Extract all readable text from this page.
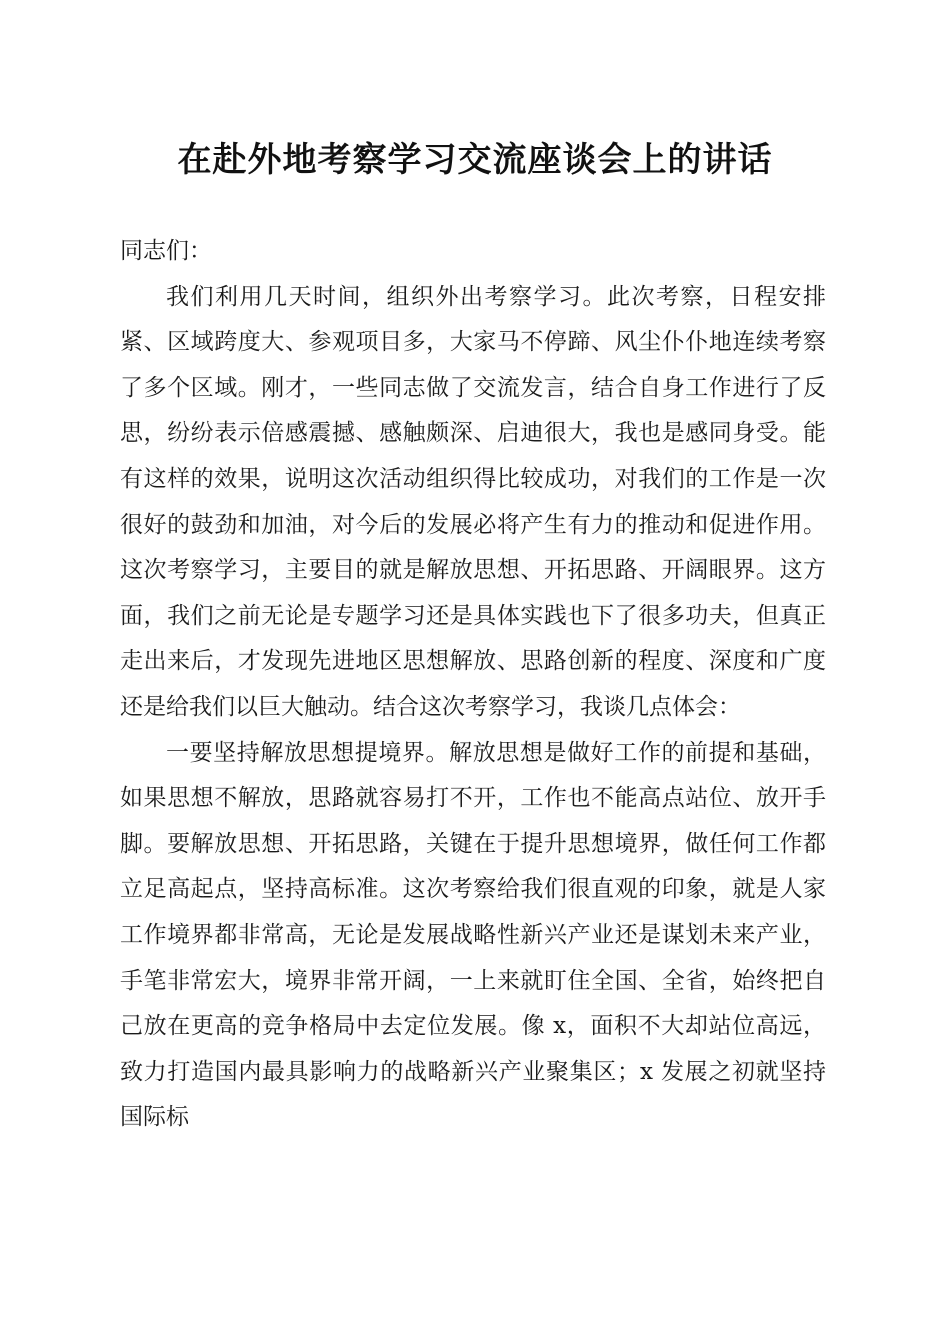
在赴外地考察学习交流座谈会上的讲话

同志们：

我们利用几天时间，组织外出考察学习。此次考察，日程安排紧、区域跨度大、参观项目多，大家马不停蹄、风尘仆仆地连续考察了多个区域。刚才，一些同志做了交流发言，结合自身工作进行了反思，纷纷表示倍感震撼、感触颇深、启迪很大，我也是感同身受。能有这样的效果，说明这次活动组织得比较成功，对我们的工作是一次很好的鼓劲和加油，对今后的发展必将产生有力的推动和促进作用。这次考察学习，主要目的就是解放思想、开拓思路、开阔眼界。这方面，我们之前无论是专题学习还是具体实践也下了很多功夫，但真正走出来后，才发现先进地区思想解放、思路创新的程度、深度和广度还是给我们以巨大触动。结合这次考察学习，我谈几点体会：

一要坚持解放思想提境界。解放思想是做好工作的前提和基础，如果思想不解放，思路就容易打不开，工作也不能高点站位、放开手脚。要解放思想、开拓思路，关键在于提升思想境界，做任何工作都立足高起点，坚持高标准。这次考察给我们很直观的印象，就是人家工作境界都非常高，无论是发展战略性新兴产业还是谋划未来产业，手笔非常宏大，境界非常开阔，一上来就盯住全国、全省，始终把自己放在更高的竞争格局中去定位发展。像 x，面积不大却站位高远，致力打造国内最具影响力的战略新兴产业聚集区；x 发展之初就坚持国际标
